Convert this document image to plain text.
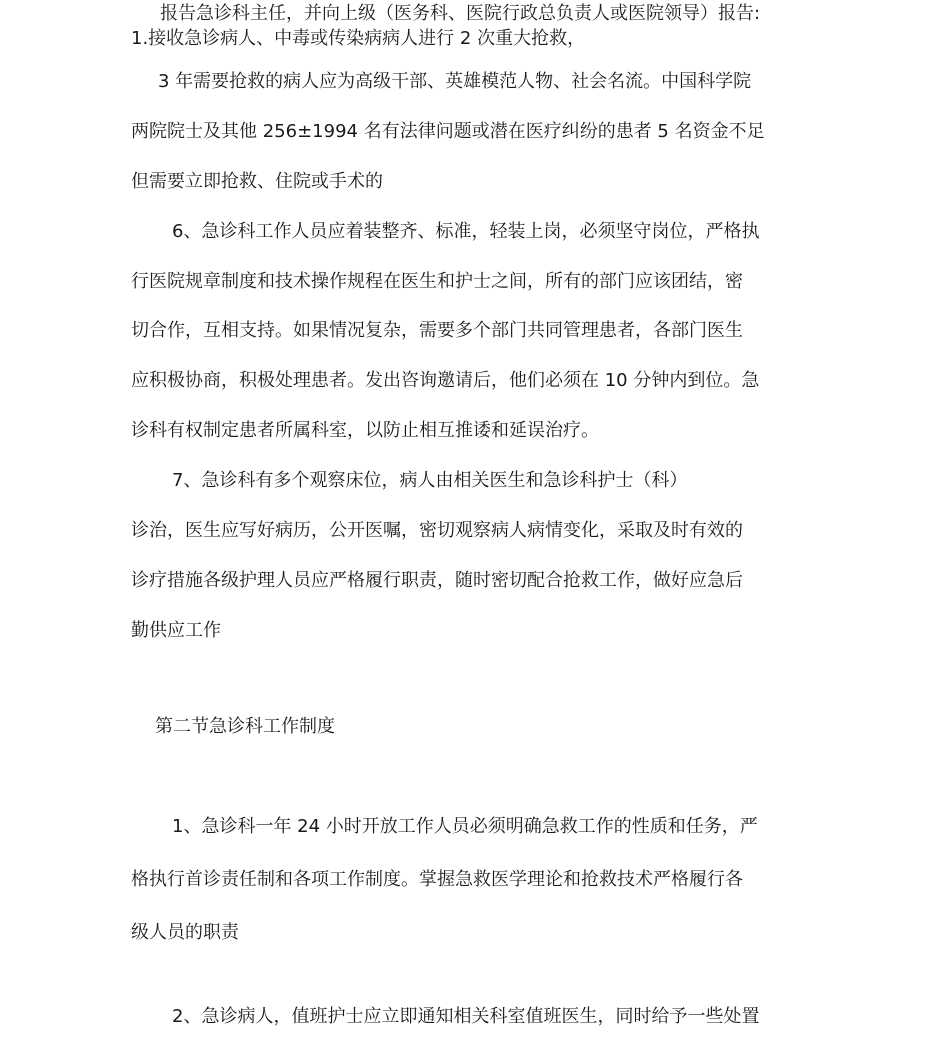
报告急诊科主任，并向上级（医务科、医院行政总负责人或医院领导）报告:
1.接收急诊病人、中毒或传染病病人进行 2 次重大抢救，
3 年需要抢救的病人应为高级干部、英雄模范人物、社会名流。中国科学院
两院院士及其他 256±1994 名有法律问题或潜在医疗纠纷的患者 5 名资金不足
但需要立即抢救、住院或手术的
6、急诊科工作人员应着装整齐、标准，轻装上岗，必须坚守岗位，严格执
行医院规章制度和技术操作规程在医生和护士之间，所有的部门应该团结，密
切合作，互相支持。如果情况复杂，需要多个部门共同管理患者，各部门医生
应积极协商，积极处理患者。发出咨询邀请后，他们必须在 10 分钟内到位。急
诊科有权制定患者所属科室，以防止相互推诿和延误治疗。
7、急诊科有多个观察床位，病人由相关医生和急诊科护士（科）
诊治，医生应写好病历，公开医嘱，密切观察病人病情变化，采取及时有效的
诊疗措施各级护理人员应严格履行职责，随时密切配合抢救工作，做好应急后
勤供应工作
第二节急诊科工作制度
1、急诊科一年 24 小时开放工作人员必须明确急救工作的性质和任务，严
格执行首诊责任制和各项工作制度。掌握急救医学理论和抢救技术严格履行各
级人员的职责
2、急诊病人，值班护士应立即通知相关科室值班医生，同时给予一些处置
